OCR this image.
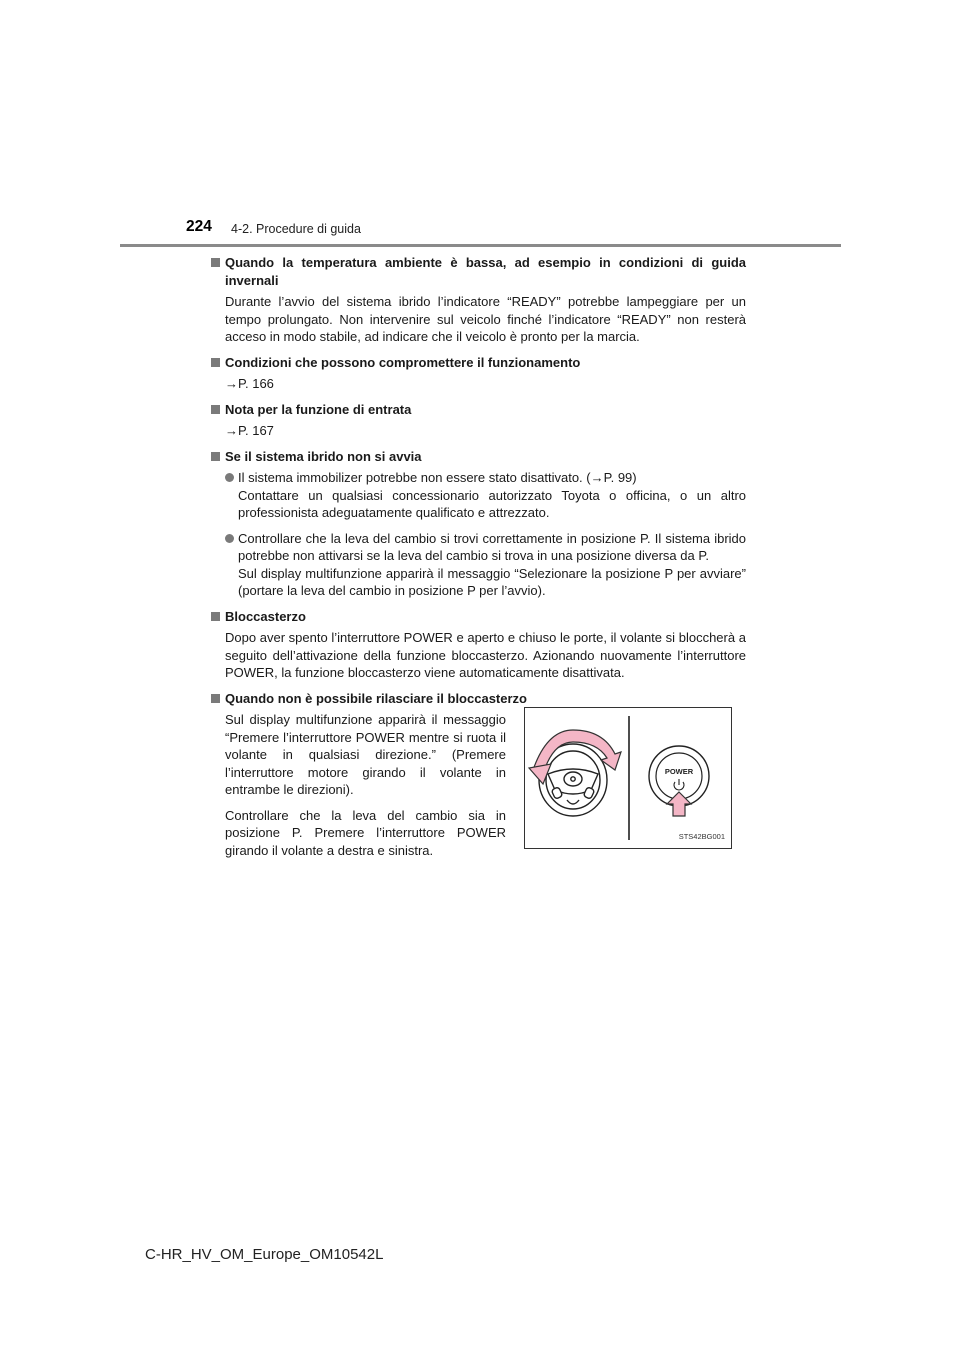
224 4-2. Procedure di guida

Quando la temperatura ambiente è bassa, ad esempio in condizioni di guida invernali

Durante l’avvio del sistema ibrido l’indicatore “READY” potrebbe lampeggiare per un tempo prolungato. Non intervenire sul veicolo finché l’indicatore “READY” non resterà acceso in modo stabile, ad indicare che il veicolo è pronto per la marcia.

Condizioni che possono compromettere il funzionamento

→P. 166

Nota per la funzione di entrata

→P. 167

Se il sistema ibrido non si avvia

Il sistema immobilizer potrebbe non essere stato disattivato. (→P. 99)
Contattare un qualsiasi concessionario autorizzato Toyota o officina, o un altro professionista adeguatamente qualificato e attrezzato.
Controllare che la leva del cambio si trovi correttamente in posizione P. Il sistema ibrido potrebbe non attivarsi se la leva del cambio si trova in una posizione diversa da P.
Sul display multifunzione apparirà il messaggio “Selezionare la posizione P per avviare” (portare la leva del cambio in posizione P per l’avvio).

Bloccasterzo

Dopo aver spento l’interruttore POWER e aperto e chiuso le porte, il volante si bloccherà a seguito dell’attivazione della funzione bloccasterzo. Azionando nuovamente l’interruttore POWER, la funzione bloccasterzo viene automaticamente disattivata.

Quando non è possibile rilasciare il bloccasterzo

Sul display multifunzione apparirà il messaggio “Premere l’interruttore POWER mentre si ruota il volante in qualsiasi direzione.” (Premere l’interruttore motore girando il volante in entrambe le direzioni).

Controllare che la leva del cambio sia in posizione P. Premere l’interruttore POWER girando il volante a destra e sinistra.

POWER
STS42BG001
C-HR_HV_OM_Europe_OM10542L
